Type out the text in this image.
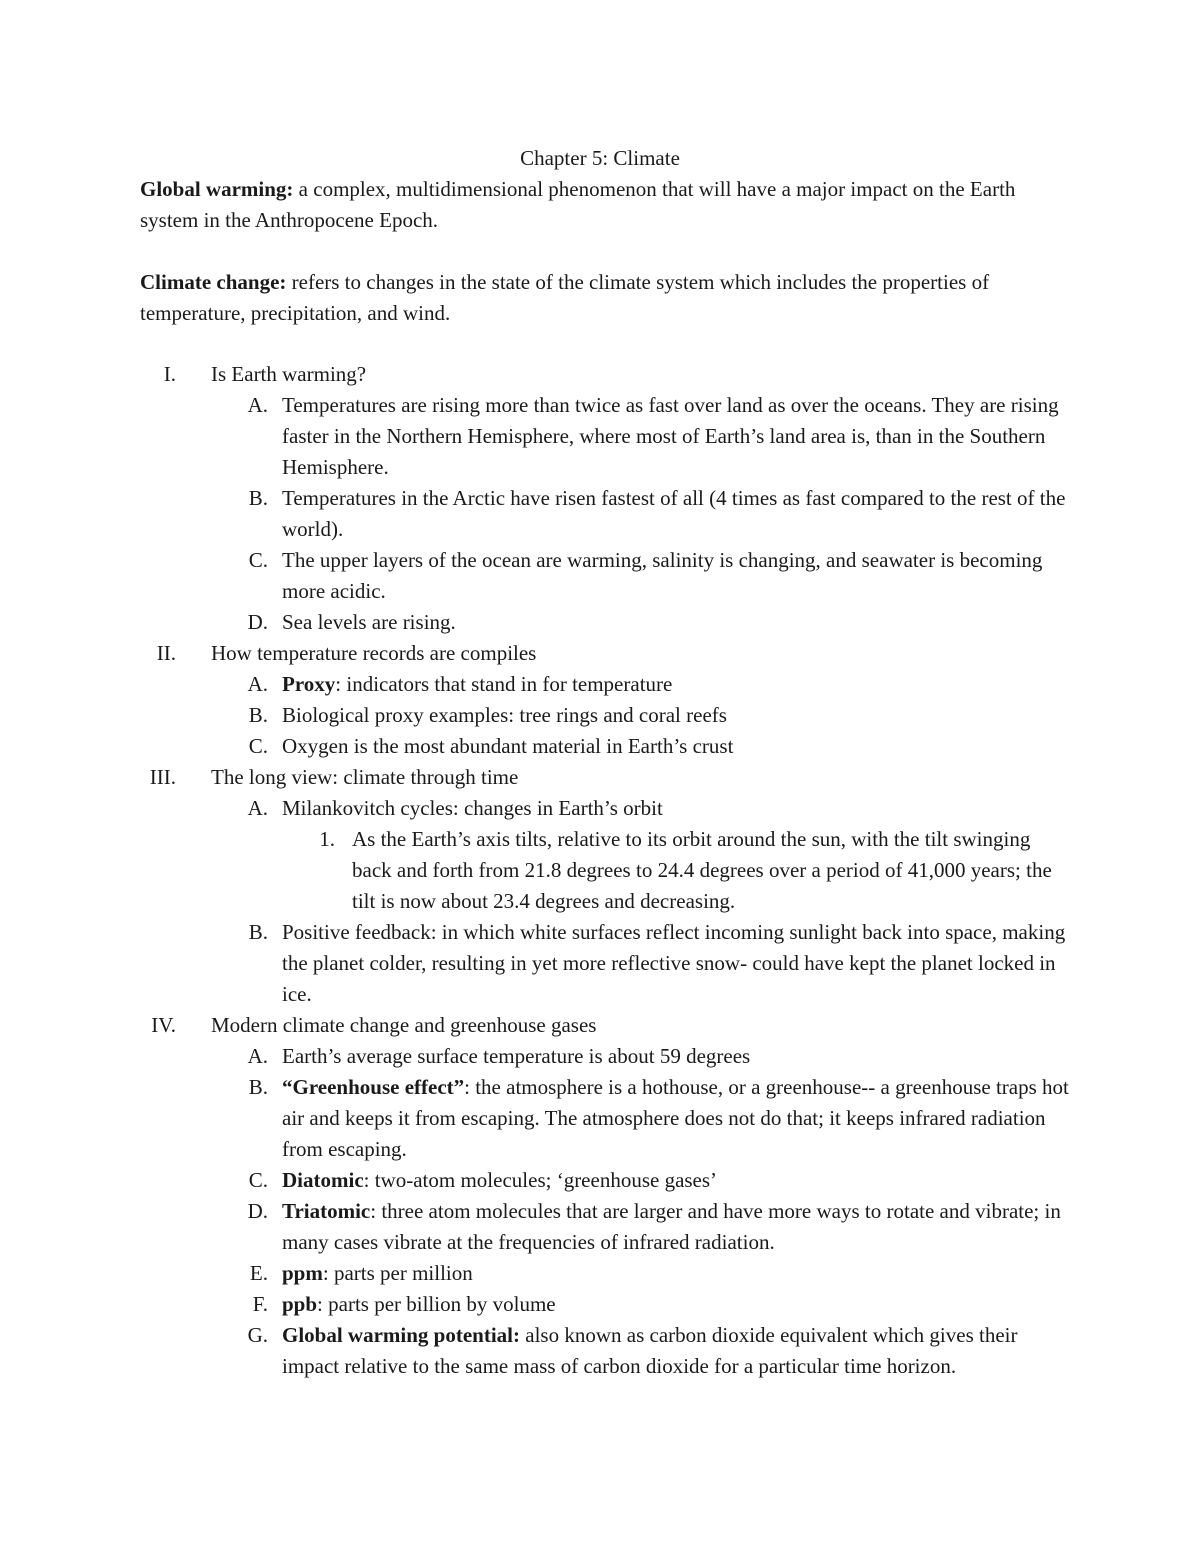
Chapter 5: Climate
Global warming: a complex, multidimensional phenomenon that will have a major impact on the Earth system in the Anthropocene Epoch.
Climate change: refers to changes in the state of the climate system which includes the properties of temperature, precipitation, and wind.
I. Is Earth warming?
A. Temperatures are rising more than twice as fast over land as over the oceans. They are rising faster in the Northern Hemisphere, where most of Earth’s land area is, than in the Southern Hemisphere.
B. Temperatures in the Arctic have risen fastest of all (4 times as fast compared to the rest of the world).
C. The upper layers of the ocean are warming, salinity is changing, and seawater is becoming more acidic.
D. Sea levels are rising.
II. How temperature records are compiles
A. Proxy: indicators that stand in for temperature
B. Biological proxy examples: tree rings and coral reefs
C. Oxygen is the most abundant material in Earth’s crust
III. The long view: climate through time
A. Milankovitch cycles: changes in Earth’s orbit
1. As the Earth’s axis tilts, relative to its orbit around the sun, with the tilt swinging back and forth from 21.8 degrees to 24.4 degrees over a period of 41,000 years; the tilt is now about 23.4 degrees and decreasing.
B. Positive feedback: in which white surfaces reflect incoming sunlight back into space, making the planet colder, resulting in yet more reflective snow- could have kept the planet locked in ice.
IV. Modern climate change and greenhouse gases
A. Earth’s average surface temperature is about 59 degrees
B. “Greenhouse effect”: the atmosphere is a hothouse, or a greenhouse-- a greenhouse traps hot air and keeps it from escaping. The atmosphere does not do that; it keeps infrared radiation from escaping.
C. Diatomic: two-atom molecules; ‘greenhouse gases’
D. Triatomic: three atom molecules that are larger and have more ways to rotate and vibrate; in many cases vibrate at the frequencies of infrared radiation.
E. ppm: parts per million
F. ppb: parts per billion by volume
G. Global warming potential: also known as carbon dioxide equivalent which gives their impact relative to the same mass of carbon dioxide for a particular time horizon.
